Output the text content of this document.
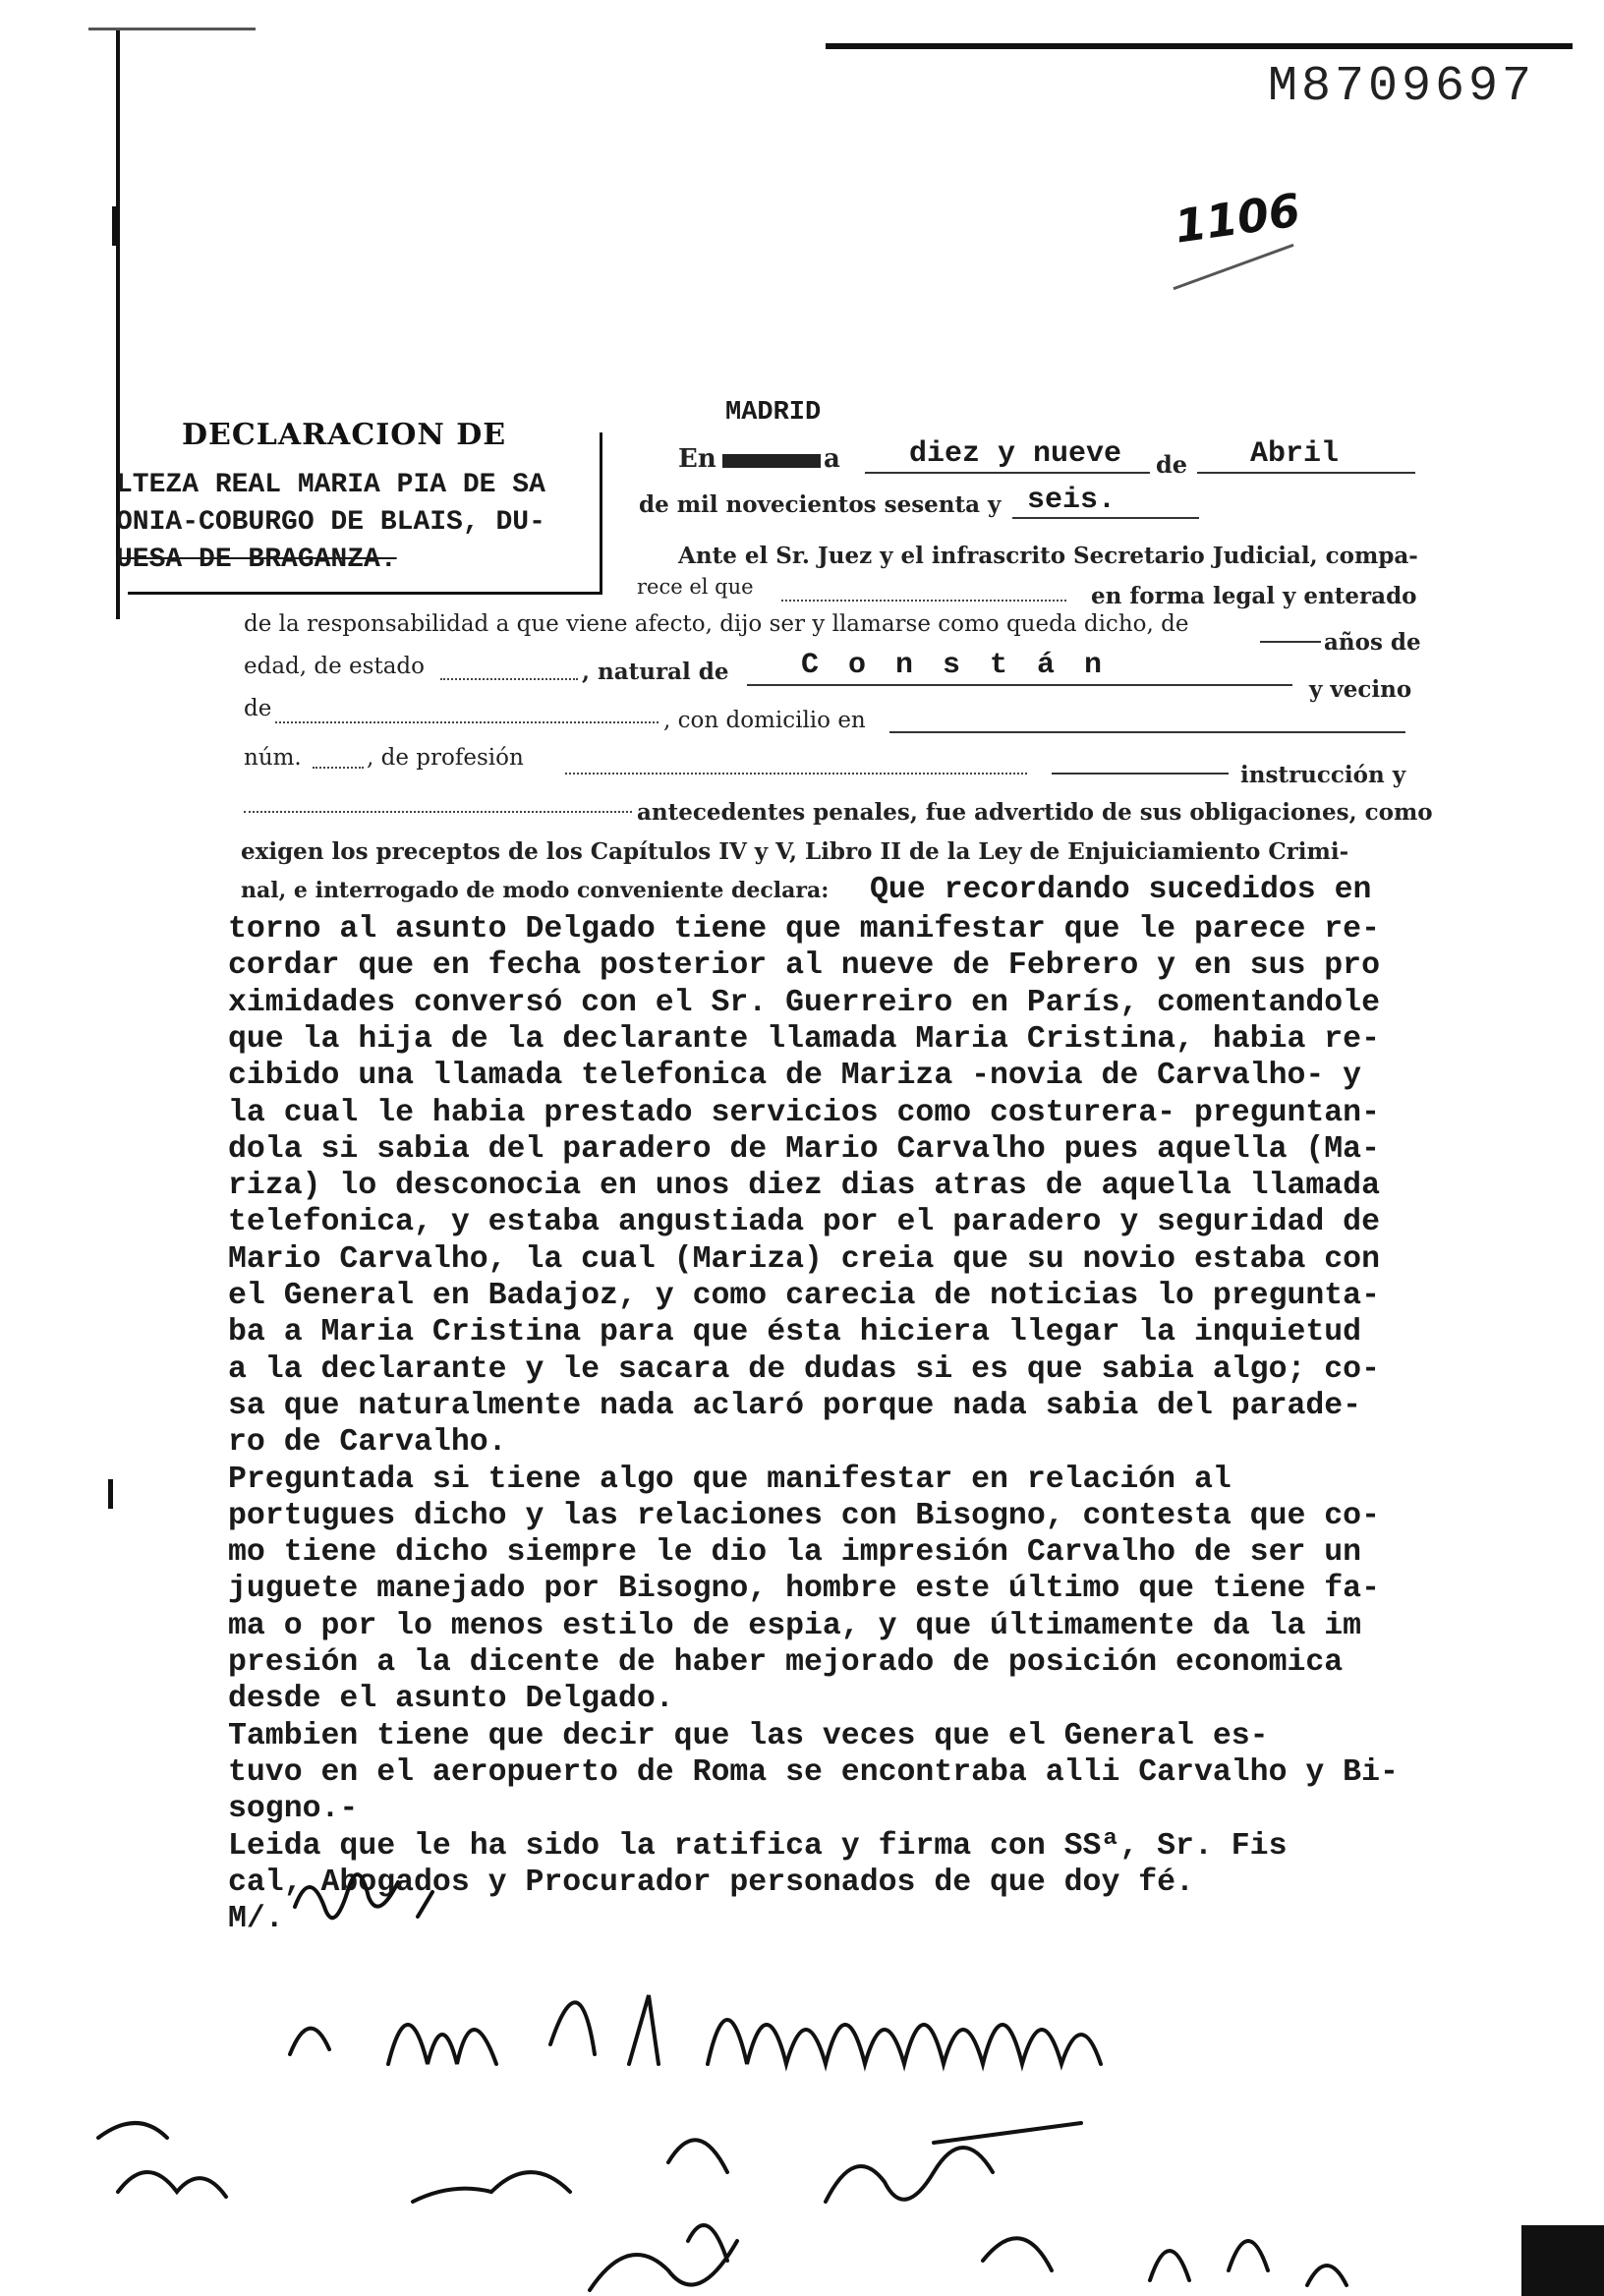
M8709697
1106
DECLARACION DE
LTEZA REAL MARIA PIA DE SA
ONIA-COBURGO DE BLAIS, DU-
UESA DE BRAGANZA.
MADRID
En	a diez y nueve de Abril
de mil novecientos sesenta y seis.
Ante el Sr. Juez y el infrascrito Secretario Judicial, compa-
rece el que	en forma legal y enterado
de la responsabilidad a que viene afecto, dijo ser y llamarse como queda dicho, de
años de
edad, de estado	, natural de C o n s t á n
y vecino
de	, con domicilio en
núm.	, de profesión
instrucción y
antecedentes penales, fue advertido de sus obligaciones, como
exigen los preceptos de los Capítulos IV y V, Libro II de la Ley de Enjuiciamiento Crimi-
nal, e interrogado de modo conveniente declara: Que recordando sucedidos en
torno al asunto Delgado tiene que manifestar que le parece re-
cordar que en fecha posterior al nueve de Febrero y en sus pro
ximidades conversó con el Sr. Guerreiro en París, comentandole
que la hija de la declarante llamada Maria Cristina, habia re-
cibido una llamada telefonica de Mariza -novia de Carvalho- y
la cual le habia prestado servicios como costurera- preguntan-
dola si sabia del paradero de Mario Carvalho pues aquella (Ma-
riza) lo desconocia en unos diez dias atras de aquella llamada
telefonica, y estaba angustiada por el paradero y seguridad de
Mario Carvalho, la cual (Mariza) creia que su novio estaba con
el General en Badajoz, y como carecia de noticias lo pregunta-
ba a Maria Cristina para que ésta hiciera llegar la inquietud
a la declarante y le sacara de dudas si es que sabia algo; co-
sa que naturalmente nada aclaró porque nada sabia del parade-
ro de Carvalho.
Preguntada si tiene algo que manifestar en relación al
portugues dicho y las relaciones con Bisogno, contesta que co-
mo tiene dicho siempre le dio la impresión Carvalho de ser un
juguete manejado por Bisogno, hombre este último que tiene fa-
ma o por lo menos estilo de espia, y que últimamente da la im
presión a la dicente de haber mejorado de posición economica
desde el asunto Delgado.
Tambien tiene que decir que las veces que el General es-
tuvo en el aeropuerto de Roma se encontraba alli Carvalho y Bi-
sogno.-
Leida que le ha sido la ratifica y firma con SSª, Sr. Fis
cal, Abogados y Procurador personados de que doy fé.
M/.
